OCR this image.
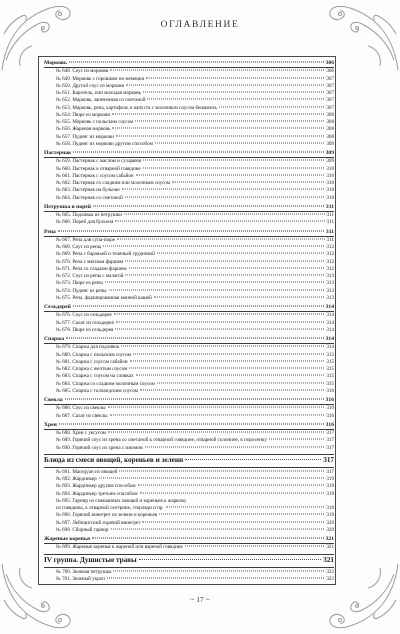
ОГЛАВЛЕНИЕ
Морковь	306
№ 648. Соус из моркови	306
№ 649. Морковь с горошком по-немецки	307
№ 650. Другой соус из моркови	307
№ 651. Каротель, или молодая морковь	307
№ 652. Морковь, запеченная со сметаной	307
№ 653. Морковь, репа, картофель и капуста с молочным соусом бешамель	307
№ 654. Пюре из моркови	308
№ 655. Морковь с польским соусом	308
№ 656. Жареная морковь	308
№ 657. Пудинг из моркови	308
№ 658. Пудинг из моркови другим способом	309
Пастернак	309
№ 659. Пастернак с маслом и сухарями	309
№ 660. Пастернак к отварной говядине	310
№ 661. Пастернак с соусом сабайон	310
№ 662. Пастернак со сладким или молочным соусом	310
№ 663. Пастернак на бульоне	310
№ 664. Пастернак со сметаной	310
Петрушка и порей	311
№ 665. Подливка из петрушки	311
№ 666. Порей для бульона	311
Репа	311
№ 667. Репа для супа-пюре	311
№ 668. Соус из репы	312
№ 669. Репа с бараньей и телячьей грудинкой	312
№ 670. Репа с мясным фаршем	312
№ 671. Репа со сладким фаршем	312
№ 672. Соус из репы с малагой	313
№ 673. Пюре из репы	313
№ 674. Пудинг из репы	313
№ 675. Репа, фаршированная манной кашей	313
Сельдерей	314
№ 676. Соус из сельдерея	314
№ 677. Салат из сельдерея	314
№ 678. Пюре из сельдерея	314
Спаржа	314
№ 679. Спаржа для подливок	314
№ 680. Спаржа с польским соусом	315
№ 681. Спаржа с соусом сабайон	315
№ 682. Спаржа с желтым соусом	315
№ 683. Спаржа с соусом на сливках	315
№ 684. Спаржа со сладким молочным соусом	315
№ 685. Спаржа с голландским соусом	316
Свекла	316
№ 686. Соус из свеклы	316
№ 687. Салат из свеклы	316
Хрен	316
№ 688. Хрен с уксусом	317
№ 689. Горячий соус из хрена со сметаной к отварной говядине, отварной солонине, к поросенку	317
№ 690. Горячий соус из хрена с изюмом	317
Блюда из смеси овощей, кореньев и зелени	317
№ 691. Маседуан из овощей	317
№ 692. Жардиньер	319
№ 693. Жардиньер другим способом	319
№ 694. Жардиньер третьим способом	319
№ 695. Гарнир из смешанных овощей и кореньев к жаркому
из говядины, к отварной осетрине, стерляди и пр.	319
№ 696. Горячий винегрет из зелени и кореньев	319
№ 697. Лейпцигский горячий винегрет	320
№ 698. Сборный гарнир	320
Жареные коренья	321
№ 699. Жареные коренья к жареной или вареной говядине	321
IV группа. Душистые травы	321
№ 700. Зеленая петрушка	322
№ 701. Зеленый укроп	322
~ 17 ~
